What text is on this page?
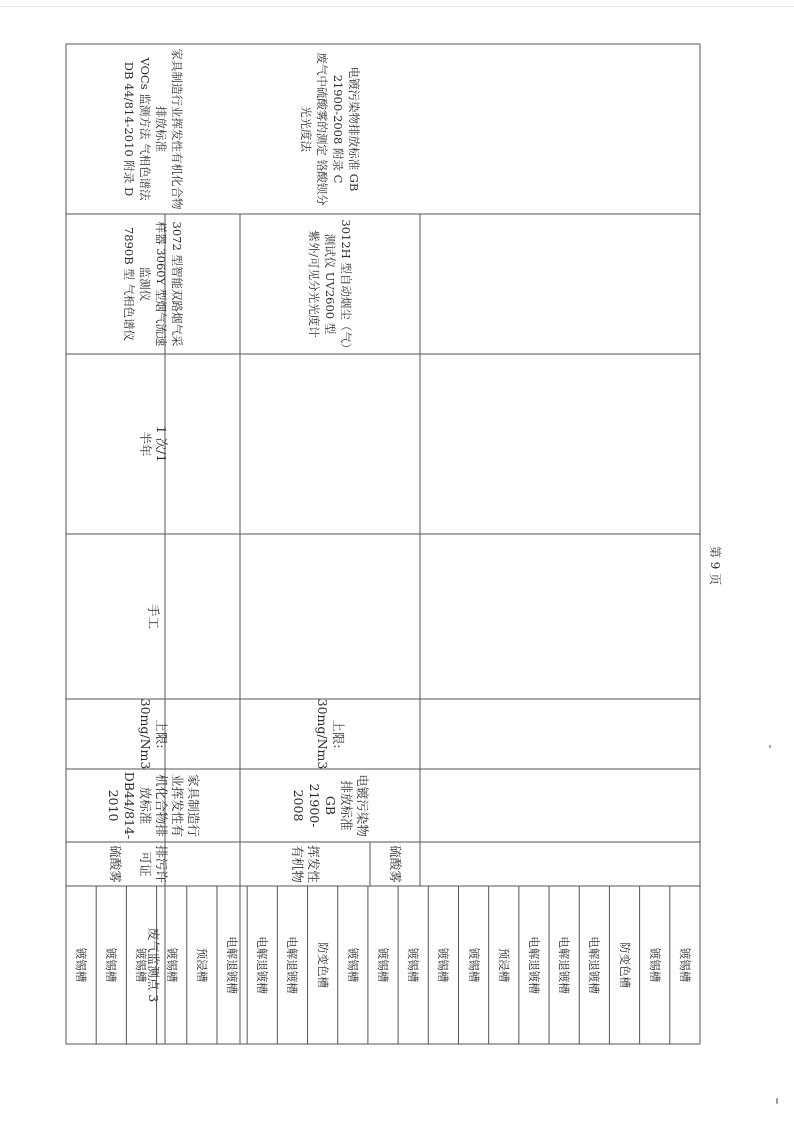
电镀污染物排放标准 GB 21900-2008 附录 C
废气中硫酸雾的测定 铬酸钡分光光度法
3012H 型自动烟尘（气）测试仪 UV2600 型
紫外/可见分光光度计
上限:
30mg/Nm3
电镀污染物排放标准 GB 21900-2008
硫酸雾
家具制造行业挥发性有机化合物排放标准
VOCs 监测方法 气相色谱法 DB 44/814-2010 附录 D
3072 型智能双路烟气采样器 3060Y 型烟气流速监测仪
7890B 型 气相色谱仪
1 次/1
半年
手工
上限:
30mg/Nm3
家具制造行业挥发性有机化合物排放标准 DB44/814-2010
排污许可证	挥发性有机物
硫酸雾
废气监测点 3	镀锡槽
镀锡槽
防变色槽
电解退镀槽
电解退镀槽
电解退镀槽
预浸槽
镀锡槽
镀锡槽
镀锡槽
镀锡槽
镀锡槽
防变色槽
电解退镀槽
电解退镀槽
电解退镀槽
预浸槽
镀锡槽
镀锡槽
镀锡槽
镀锡槽
第 9 页
